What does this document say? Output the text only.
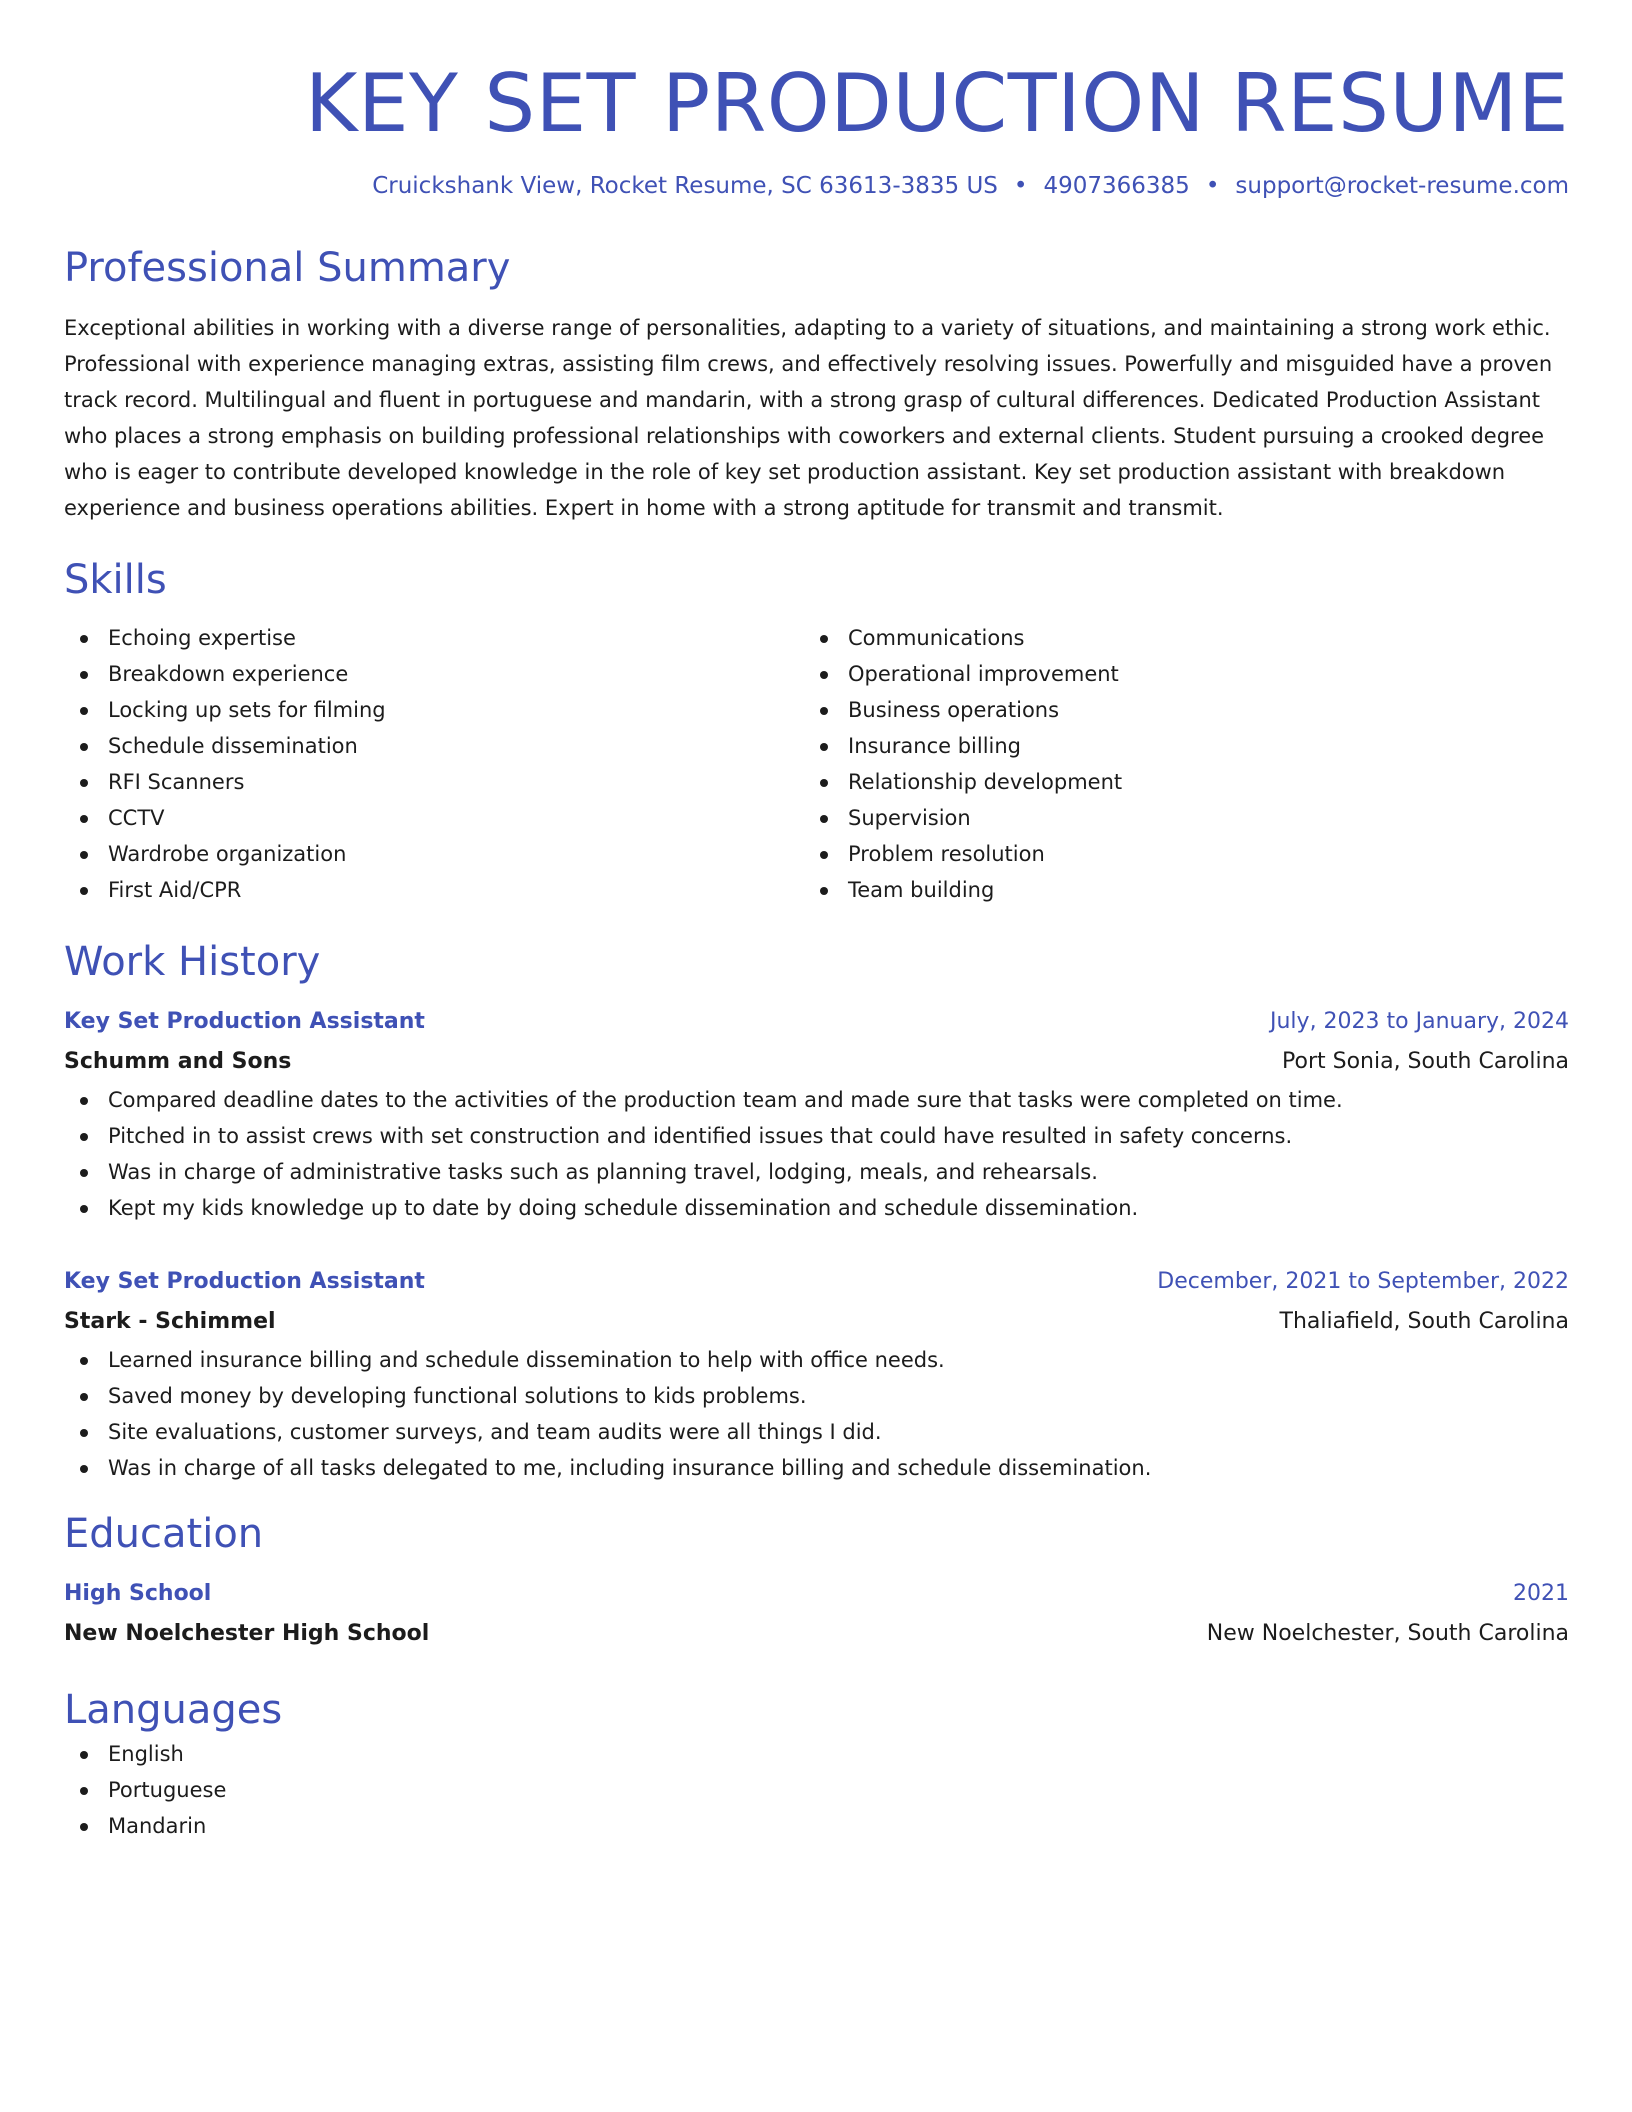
KEY SET PRODUCTION RESUME
Cruickshank View, Rocket Resume, SC 63613-3835 US • 4907366385 • support@rocket-resume.com
Professional Summary
Exceptional abilities in working with a diverse range of personalities, adapting to a variety of situations, and maintaining a strong work ethic. Professional with experience managing extras, assisting film crews, and effectively resolving issues. Powerfully and misguided have a proven track record. Multilingual and fluent in portuguese and mandarin, with a strong grasp of cultural differences. Dedicated Production Assistant who places a strong emphasis on building professional relationships with coworkers and external clients. Student pursuing a crooked degree who is eager to contribute developed knowledge in the role of key set production assistant. Key set production assistant with breakdown experience and business operations abilities. Expert in home with a strong aptitude for transmit and transmit.
Skills
Echoing expertise
Breakdown experience
Locking up sets for filming
Schedule dissemination
RFI Scanners
CCTV
Wardrobe organization
First Aid/CPR
Communications
Operational improvement
Business operations
Insurance billing
Relationship development
Supervision
Problem resolution
Team building
Work History
Key Set Production Assistant	July, 2023 to January, 2024
Schumm and Sons	Port Sonia, South Carolina
Compared deadline dates to the activities of the production team and made sure that tasks were completed on time.
Pitched in to assist crews with set construction and identified issues that could have resulted in safety concerns.
Was in charge of administrative tasks such as planning travel, lodging, meals, and rehearsals.
Kept my kids knowledge up to date by doing schedule dissemination and schedule dissemination.
Key Set Production Assistant	December, 2021 to September, 2022
Stark - Schimmel	Thaliafield, South Carolina
Learned insurance billing and schedule dissemination to help with office needs.
Saved money by developing functional solutions to kids problems.
Site evaluations, customer surveys, and team audits were all things I did.
Was in charge of all tasks delegated to me, including insurance billing and schedule dissemination.
Education
High School	2021
New Noelchester High School	New Noelchester, South Carolina
Languages
English
Portuguese
Mandarin
